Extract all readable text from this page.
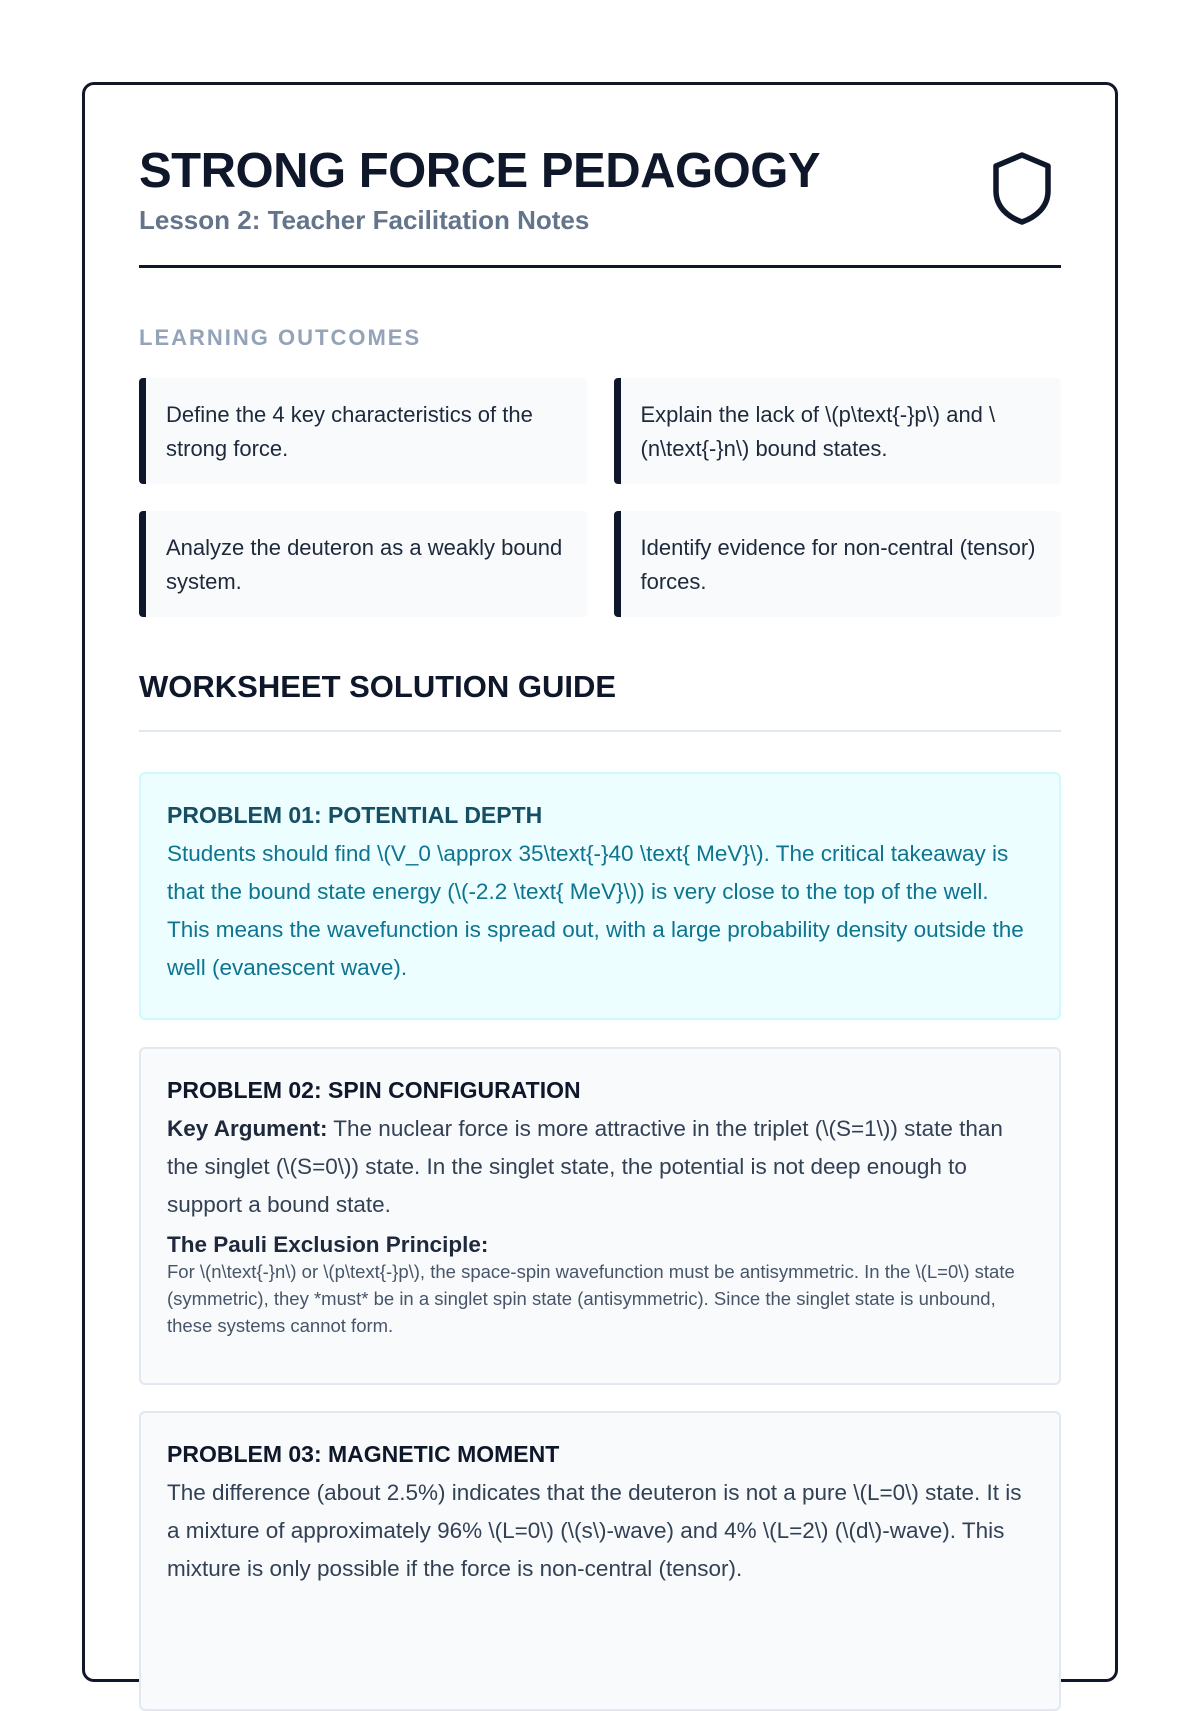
STRONG FORCE PEDAGOGY
Lesson 2: Teacher Facilitation Notes
LEARNING OUTCOMES
Define the 4 key characteristics of the strong force.
Explain the lack of \(p\text{-}p\) and \(n\text{-}n\) bound states.
Analyze the deuteron as a weakly bound system.
Identify evidence for non-central (tensor) forces.
WORKSHEET SOLUTION GUIDE
PROBLEM 01: POTENTIAL DEPTH
Students should find \(V_0 \approx 35\text{-}40 \text{ MeV}\). The critical takeaway is that the bound state energy (\(-2.2 \text{ MeV}\)) is very close to the top of the well. This means the wavefunction is spread out, with a large probability density outside the well (evanescent wave).
PROBLEM 02: SPIN CONFIGURATION
Key Argument: The nuclear force is more attractive in the triplet (\(S=1\)) state than the singlet (\(S=0\)) state. In the singlet state, the potential is not deep enough to support a bound state.
The Pauli Exclusion Principle:
For \(n\text{-}n\) or \(p\text{-}p\), the space-spin wavefunction must be antisymmetric. In the \(L=0\) state (symmetric), they *must* be in a singlet spin state (antisymmetric). Since the singlet state is unbound, these systems cannot form.
PROBLEM 03: MAGNETIC MOMENT
The difference (about 2.5%) indicates that the deuteron is not a pure \(L=0\) state. It is a mixture of approximately 96% \(L=0\) (\(s\)-wave) and 4% \(L=2\) (\(d\)-wave). This mixture is only possible if the force is non-central (tensor).
